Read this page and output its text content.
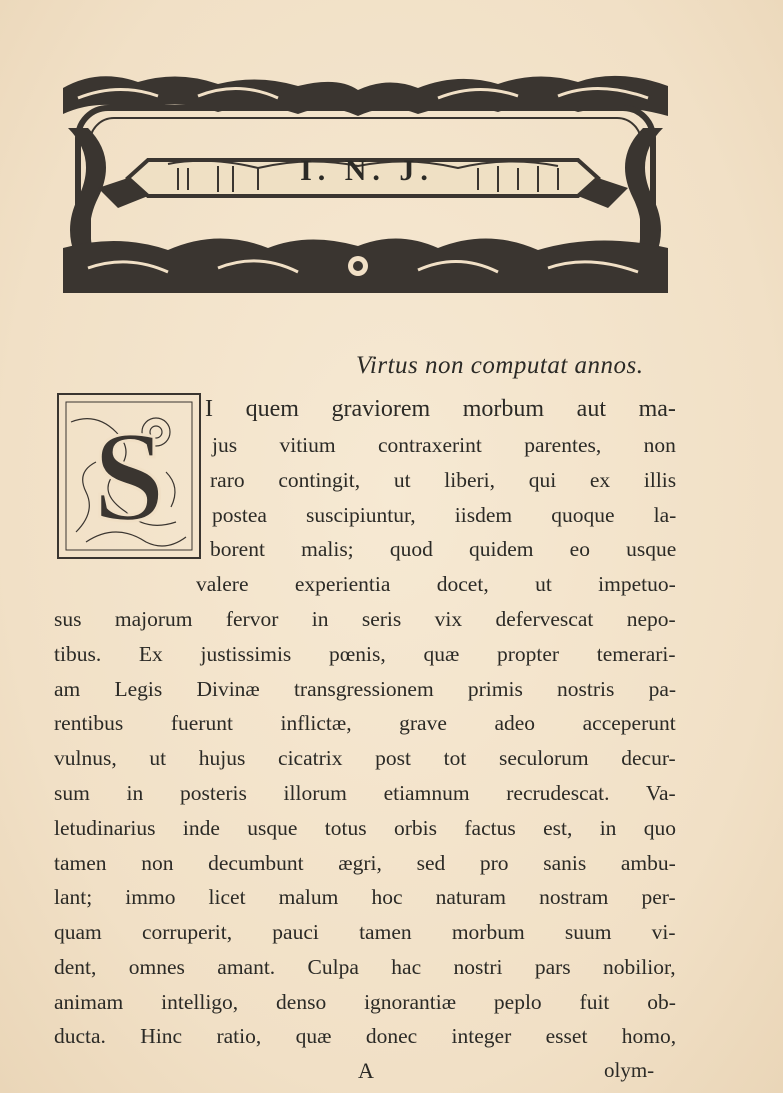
I. N. J.
Virtus non computat annos.
S I quem graviorem morbum aut ma-
jus vitium contraxerint parentes, non
raro contingit, ut liberi, qui ex illis
postea suscipiuntur, iisdem quoque la-
borent malis; quod quidem eo usque
valere experientia docet, ut impetuo-
sus majorum fervor in seris vix defervescat nepo-
tibus. Ex justissimis pœnis, quæ propter temerari-
am Legis Divinæ transgressionem primis nostris pa-
rentibus fuerunt inflictæ, grave adeo acceperunt
vulnus, ut hujus cicatrix post tot seculorum decur-
sum in posteris illorum etiamnum recrudescat. Va-
letudinarius inde usque totus orbis factus est, in quo
tamen non decumbunt ægri, sed pro sanis ambu-
lant; immo licet malum hoc naturam nostram per-
quam corruperit, pauci tamen morbum suum vi-
dent, omnes amant. Culpa hac nostri pars nobilior,
animam intelligo, denso ignorantiæ peplo fuit ob-
ducta. Hinc ratio, quæ donec integer esset homo,
A	olym-
